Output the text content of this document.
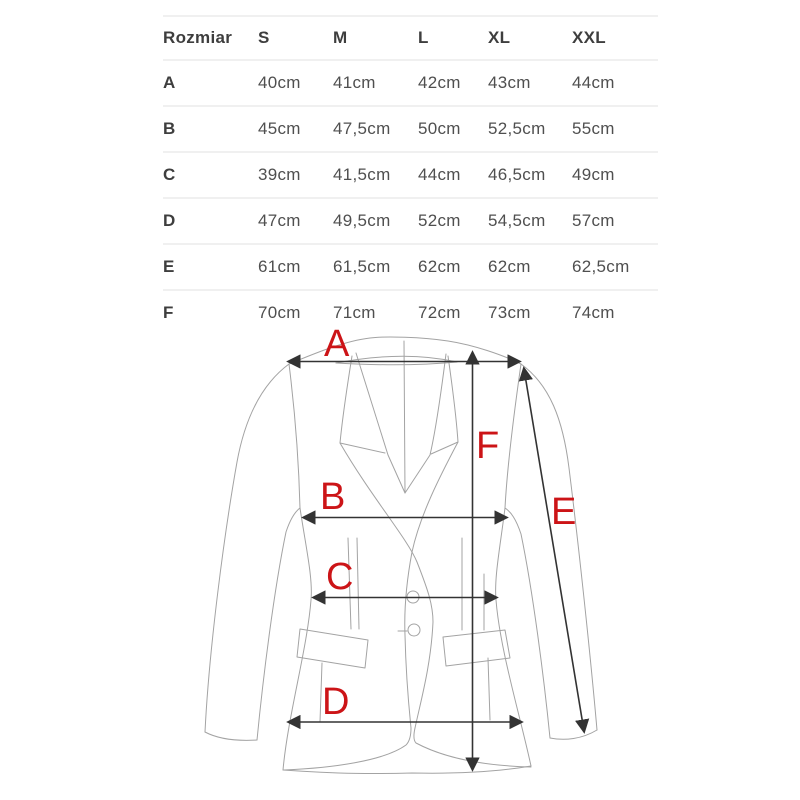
Rozmiar	S	M	L	XL	XXL
A	40cm	41cm	42cm	43cm	44cm
B	45cm	47,5cm	50cm	52,5cm	55cm
C	39cm	41,5cm	44cm	46,5cm	49cm
D	47cm	49,5cm	52cm	54,5cm	57cm
E	61cm	61,5cm	62cm	62cm	62,5cm
F	70cm	71cm	72cm	73cm	74cm
A
B
C
D
E
F
